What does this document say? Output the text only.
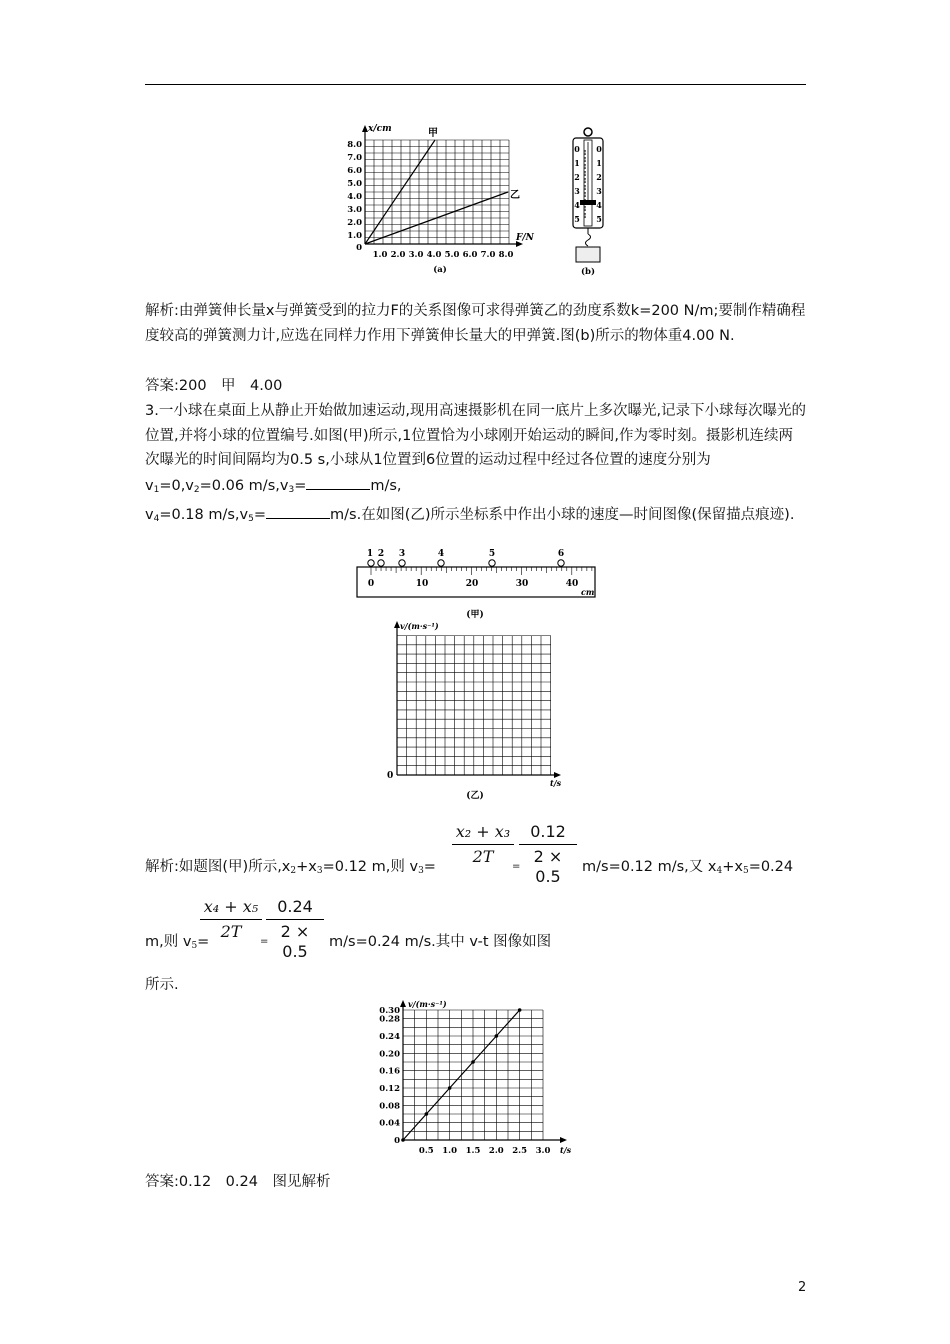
x/cm
F/N
甲
乙
8.0
7.0
6.0
5.0
4.0
3.0
2.0
1.0
0
1.0 2.0 3.0 4.0 5.0 6.0 7.0 8.0
(a)
0
1
2
3
4
5
0
1
2
3
4
5
(b)

解析:由弹簧伸长量x与弹簧受到的拉力F的关系图像可求得弹簧乙的劲度系数k=200 N/m;要制作精确程度较高的弹簧测力计,应选在同样力作用下弹簧伸长量大的甲弹簧.图(b)所示的物体重4.00 N.

答案:200　甲　4.00

3.一小球在桌面上从静止开始做加速运动,现用高速摄影机在同一底片上多次曝光,记录下小球每次曝光的位置,并将小球的位置编号.如图(甲)所示,1位置恰为小球刚开始运动的瞬间,作为零时刻。摄影机连续两次曝光的时间间隔均为0.5 s,小球从1位置到6位置的运动过程中经过各位置的速度分别为$v_1=0,v_2=0.06$ $m/s,v_3=$	m/s,
$v_4=0.18$ $m/s,v_5=$	m/s.在如图(乙)所示坐标系中作出小球的速度—时间图像(保留描点痕迹).

1 2 3	4	5	6
0	10	20	30	40
cm
(甲)
v/(m·s⁻¹)
0
t/s
(乙)
解析:如题图(甲)所示$,x_2+x_3=0.12$ m,则 $v_3=$
x₂ + x₃
2T
=
0.12
2 × 0.5	m/s=0.12 m/s,又 $x_4+x_5=0.24$
m,则 $v_5=$
x₄ + x₅
2T
=
0.24
2 × 0.5	m/s=0.24 m/s.其中 v-t 图像如图
所示.
v/(m·s⁻¹)
t/s
0.5 1.0 1.5 2.0 2.5 3.0
0.30
0.28
0.24
0.20
0.16
0.12
0.08
0.04
0
答案:0.12　0.24　图见解析
2
